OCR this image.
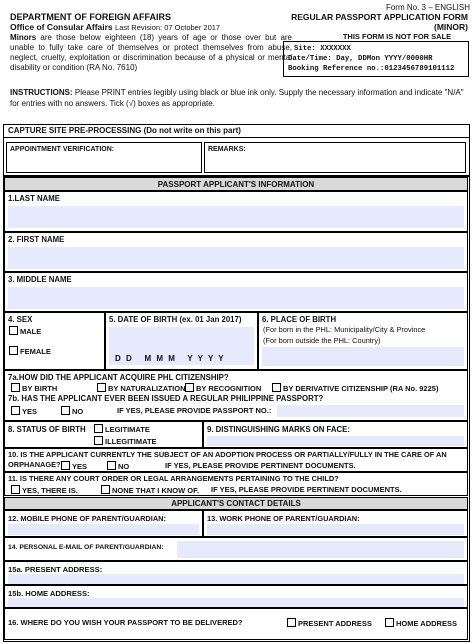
Form No. 3 – ENGLISH
REGULAR PASSPORT APPLICATION FORM (MINOR)
THIS FORM IS NOT FOR SALE
DEPARTMENT OF FOREIGN AFFAIRS
Office of Consular Affairs Last Revision: 07 October 2017
Minors are those below eighteen (18) years of age or those over but are unable to fully take care of themselves or protect themselves from abuse, neglect, cruelty, exploitation or discrimination because of a physical or mental disability or condition (RA No. 7610)
Site: XXXXXXX
Date/Time: Day, DDMon YYYY/0000HR
Booking Reference no.:0123456789101112
INSTRUCTIONS: Please PRINT entries legibly using black or blue ink only. Supply the necessary information and indicate "N/A" for entries with no answers. Tick (√) boxes as appropriate.
CAPTURE SITE PRE-PROCESSING (Do not write on this part)
APPOINTMENT VERIFICATION:	REMARKS:
PASSPORT APPLICANT'S INFORMATION
1.LAST NAME
2. FIRST NAME
3. MIDDLE NAME
4. SEX
MALE
FEMALE
5. DATE OF BIRTH (ex. 01 Jan 2017)
D D   M M M   Y Y Y Y
6. PLACE OF BIRTH
(For born in the PHL: Municipality/City & Province
(For born outside the PHL: Country)
7a.HOW DID THE APPLICANT ACQUIRE PHL CITIZENSHIP?
BY BIRTH	BY NATURALIZATION	BY RECOGNITION	BY DERIVATIVE CITIZENSHIP (RA No. 9225)
7b. HAS THE APPLICANT EVER BEEN ISSUED A REGULAR PHILIPPINE PASSPORT?
YES	NO	IF YES, PLEASE PROVIDE PASSPORT NO.:
8. STATUS OF BIRTH	LEGITIMATE
ILLEGITIMATE
9. DISTINGUISHING MARKS ON FACE:
10. IS THE APPLICANT CURRENTLY THE SUBJECT OF AN ADOPTION PROCESS OR PARTIALLY/FULLY IN THE CARE OF AN ORPHANAGE?	YES	NO	IF YES, PLEASE PROVIDE PERTINENT DOCUMENTS.
11. IS THERE ANY COURT ORDER OR LEGAL ARRANGEMENTS PERTAINING TO THE CHILD?
YES, THERE IS.	NONE THAT I KNOW OF. IF YES, PLEASE PROVIDE PERTINENT DOCUMENTS.
APPLICANT'S CONTACT DETAILS
12. MOBILE PHONE OF PARENT/GUARDIAN:	13. WORK PHONE OF PARENT/GUARDIAN:
14. PERSONAL E-MAIL OF PARENT/GUARDIAN:
15a. PRESENT ADDRESS:
15b. HOME ADDRESS:
16. WHERE DO YOU WISH YOUR PASSPORT TO BE DELIVERED?	PRESENT ADDRESS	HOME ADDRESS
